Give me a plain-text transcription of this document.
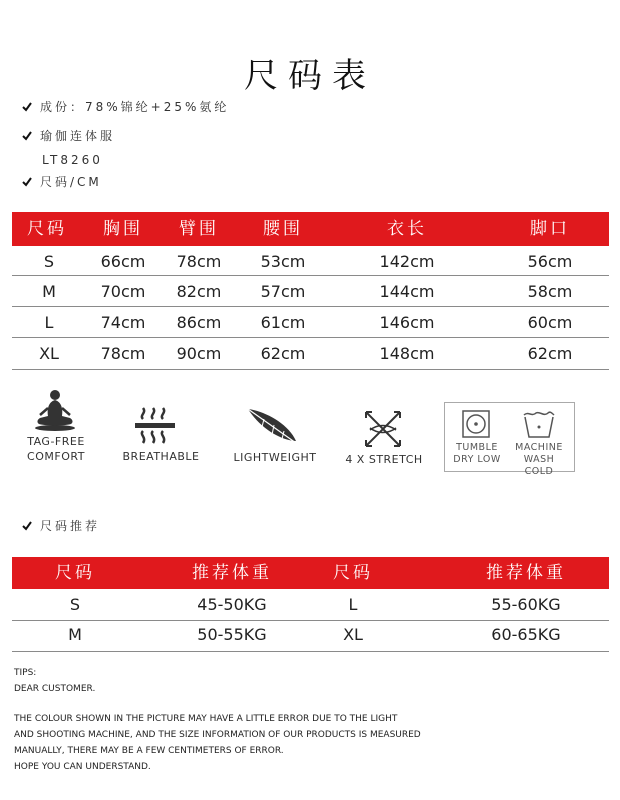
尺码表
成份：78%锦纶+25%氨纶
瑜伽连体服
LT8260
尺码/CM
尺码	胸围	臂围	腰围	衣长	脚口
S	66cm	78cm	53cm	142cm	56cm
M	70cm	82cm	57cm	144cm	58cm
L	74cm	86cm	61cm	146cm	60cm
XL	78cm	90cm	62cm	148cm	62cm
TAG-FREE
COMFORT	BREATHABLE	LIGHTWEIGHT	4 X STRETCH
TUMBLE
DRY LOW
MACHINE
WASH COLD
尺码推荐
尺码	推荐体重	尺码	推荐体重
S	45-50KG	L	55-60KG
M	50-55KG	XL	60-65KG
TIPS:
DEAR CUSTOMER.
THE COLOUR SHOWN IN THE PICTURE MAY HAVE A LITTLE ERROR DUE TO THE LIGHT
AND SHOOTING MACHINE, AND THE SIZE INFORMATION OF OUR PRODUCTS IS MEASURED
MANUALLY, THERE MAY BE A FEW CENTIMETERS OF ERROR.
HOPE YOU CAN UNDERSTAND.
